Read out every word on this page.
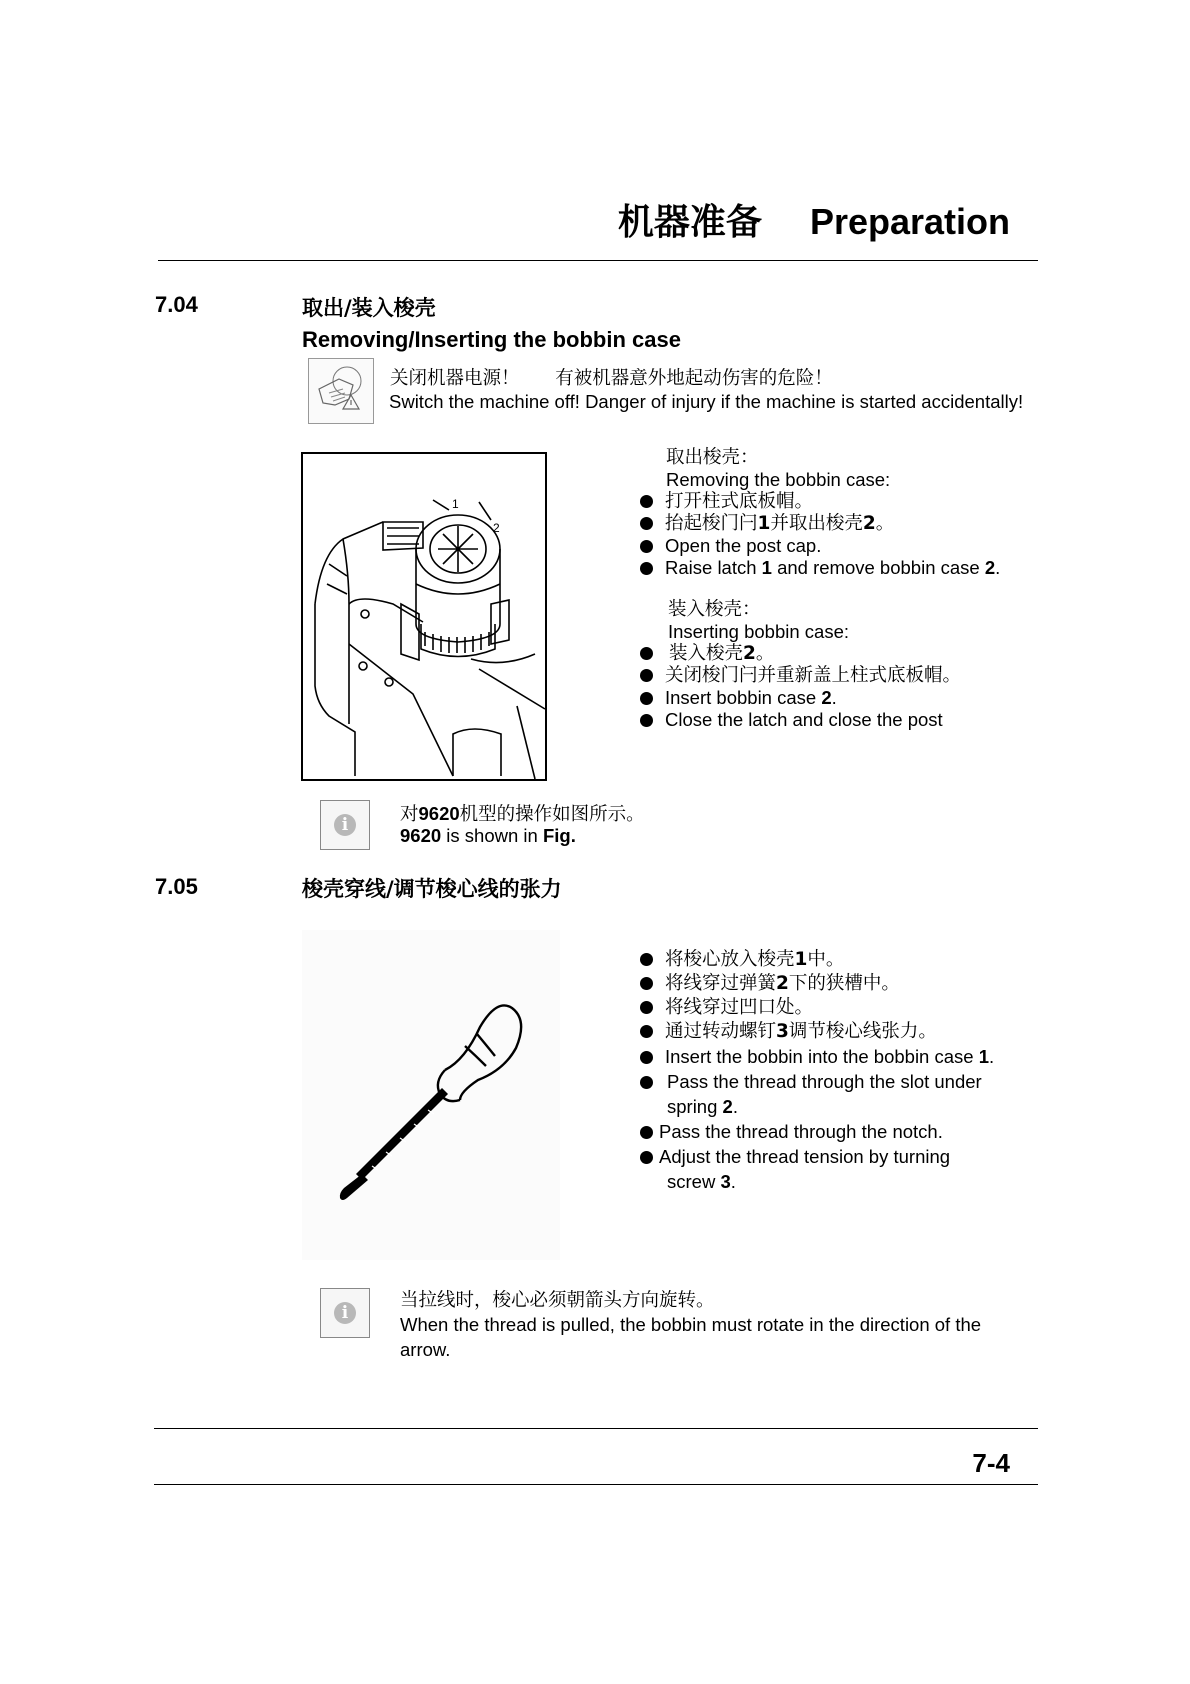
机器准备 Preparation
7.04	取出/装入梭壳
Removing/Inserting the bobbin case
关闭机器电源！ 有被机器意外地起动伤害的危险！
Switch the machine off! Danger of injury if the machine is started accidentally!
1
2
取出梭壳：
Removing the bobbin case:
打开柱式底板帽。
抬起梭门闩1并取出梭壳2。
Open the post cap.
Raise latch 1 and remove bobbin case 2.
装入梭壳：
Inserting bobbin case:
装入梭壳2。
关闭梭门闩并重新盖上柱式底板帽。
Insert bobbin case 2.
Close the latch and close the post
i	对9620机型的操作如图所示。
9620 is shown in Fig.
7.05	梭壳穿线/调节梭心线的张力
将梭心放入梭壳1中。
将线穿过弹簧2下的狭槽中。
将线穿过凹口处。
通过转动螺钉3调节梭心线张力。
Insert the bobbin into the bobbin case 1.
Pass the thread through the slot under
spring 2.
Pass the thread through the notch.
Adjust the thread tension by turning
screw 3.
i
当拉线时，梭心必须朝箭头方向旋转。
When the thread is pulled, the bobbin must rotate in the direction of the
arrow.
7-4
